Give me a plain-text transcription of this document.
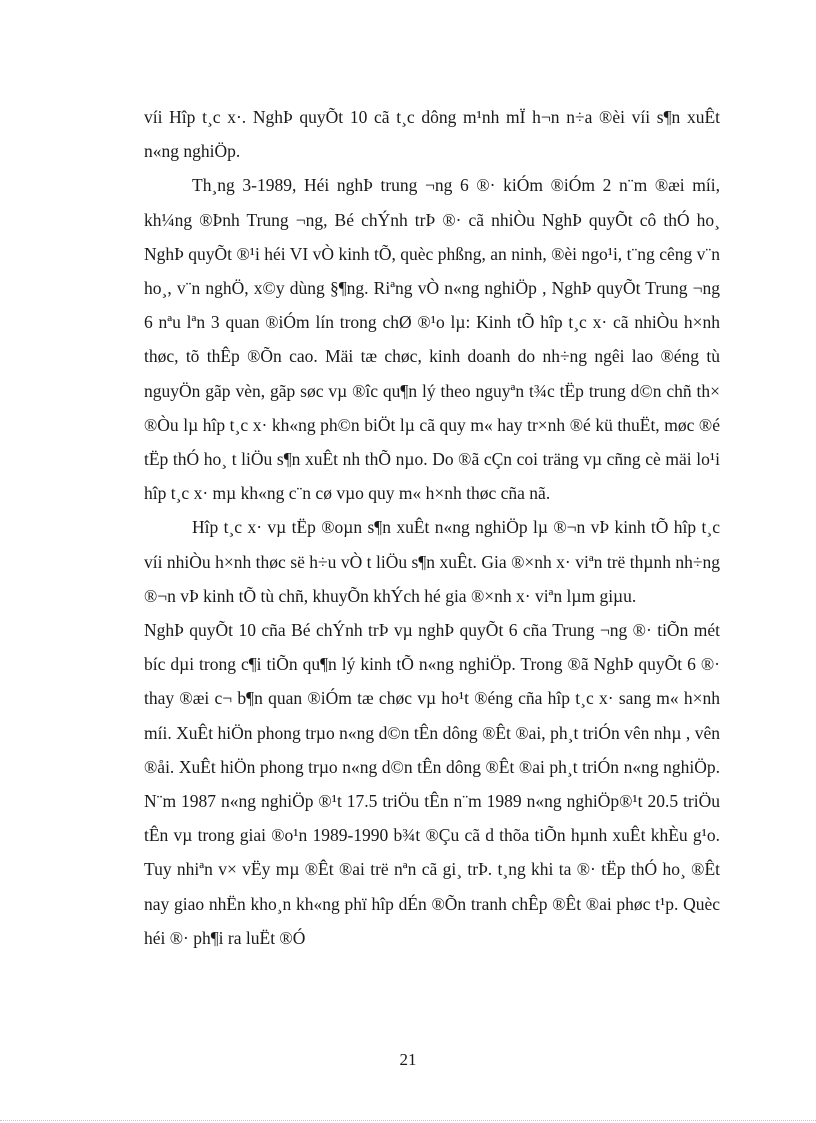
víi Hîp t¸c x·. NghÞ quyÕt 10 cã t¸c dông m¹nh mÏ h¬n n÷a ®èi víi s¶n xuÊt n«ng nghiÖp.

Th¸ng 3-1989, Héi nghÞ trung ¬ng 6 ®· kiÓm ®iÓm 2 n¨m ®æi míi, kh¼ng ®Þnh Trung ¬ng, Bé chÝnh trÞ ®· cã nhiÒu NghÞ quyÕt cô thÓ ho¸ NghÞ quyÕt ®¹i héi VI vÒ kinh tÕ, quèc phßng, an ninh, ®èi ngo¹i, t¨ng cêng v¨n ho¸, v¨n nghÖ, x©y dùng §¶ng. Riªng vÒ n«ng nghiÖp , NghÞ quyÕt Trung ¬ng 6 nªu lªn 3 quan ®iÓm lín trong chØ ®¹o lµ: Kinh tÕ hîp t¸c x· cã nhiÒu h×nh thøc, tõ thÊp ®Õn cao. Mäi tæ chøc, kinh doanh do nh÷ng ngêi lao ®éng tù nguyÖn gãp vèn, gãp søc vµ ®îc qu¶n lý theo nguyªn t¾c tËp trung d©n chñ th× ®Òu lµ hîp t¸c x· kh«ng ph©n biÖt lµ cã quy m« hay tr×nh ®é kü thuËt, møc ®é tËp thÓ ho¸ t liÖu s¶n xuÊt nh thÕ nµo. Do ®ã cÇn coi träng vµ cñng cè mäi lo¹i hîp t¸c x· mµ kh«ng c¨n cø vµo quy m« h×nh thøc cña nã.

Hîp t¸c x· vµ tËp ®oµn s¶n xuÊt n«ng nghiÖp lµ ®¬n vÞ kinh tÕ hîp t¸c víi nhiÒu h×nh thøc së h÷u vÒ t liÖu s¶n xuÊt. Gia ®×nh x· viªn trë thµnh nh÷ng ®¬n vÞ kinh tÕ tù chñ, khuyÕn khÝch hé gia ®×nh x· viªn lµm giµu.

NghÞ quyÕt 10 cña Bé chÝnh trÞ vµ nghÞ quyÕt 6 cña Trung ¬ng ®· tiÕn mét bíc dµi trong c¶i tiÕn qu¶n lý kinh tÕ n«ng nghiÖp. Trong ®ã NghÞ quyÕt 6 ®· thay ®æi c¬ b¶n quan ®iÓm tæ chøc vµ ho¹t ®éng cña hîp t¸c x· sang m« h×nh míi. XuÊt hiÖn phong trµo n«ng d©n tÊn dông ®Êt ®ai, ph¸t triÓn vên nhµ , vên ®åi. XuÊt hiÖn phong trµo n«ng d©n tÊn dông ®Êt ®ai ph¸t triÓn n«ng nghiÖp. N¨m 1987 n«ng nghiÖp ®¹t 17.5 triÖu tÊn n¨m 1989 n«ng nghiÖp®¹t 20.5 triÖu tÊn vµ trong giai ®o¹n 1989-1990 b¾t ®Çu cã d thõa tiÕn hµnh xuÊt khÈu g¹o. Tuy nhiªn v× vËy mµ ®Êt ®ai trë nªn cã gi¸ trÞ. t¸ng khi ta ®· tËp thÓ ho¸ ®Êt nay giao nhËn kho¸n kh«ng phï hîp dÉn ®Õn tranh chÊp ®Êt ®ai phøc t¹p. Quèc héi ®· ph¶i ra luËt ®Ó

21
